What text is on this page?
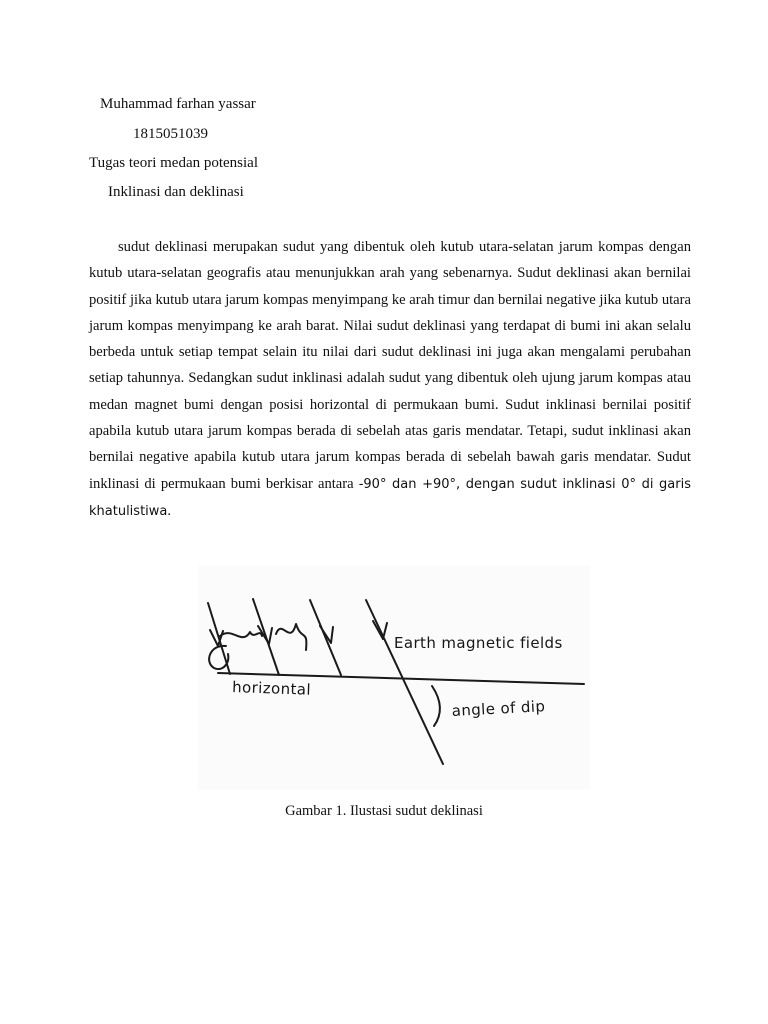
Muhammad farhan yassar
1815051039
Tugas teori medan potensial
Inklinasi dan deklinasi

sudut deklinasi merupakan sudut yang dibentuk oleh kutub utara-selatan jarum kompas dengan kutub utara-selatan geografis atau menunjukkan arah yang sebenarnya. Sudut deklinasi akan bernilai positif jika kutub utara jarum kompas menyimpang ke arah timur dan bernilai negative jika kutub utara jarum kompas menyimpang ke arah barat. Nilai sudut deklinasi yang terdapat di bumi ini akan selalu berbeda untuk setiap tempat selain itu nilai dari sudut deklinasi ini juga akan mengalami perubahan setiap tahunnya. Sedangkan sudut inklinasi adalah sudut yang dibentuk oleh ujung jarum kompas atau medan magnet bumi dengan posisi horizontal di permukaan bumi. Sudut inklinasi bernilai positif apabila kutub utara jarum kompas berada di sebelah atas garis mendatar. Tetapi, sudut inklinasi akan bernilai negative apabila kutub utara jarum kompas berada di sebelah bawah garis mendatar. Sudut inklinasi di permukaan bumi berkisar antara -90° dan +90°, dengan sudut inklinasi 0° di garis khatulistiwa.

Earth magnetic fields
horizontal
angle of dip
Gambar 1. Ilustasi sudut deklinasi
